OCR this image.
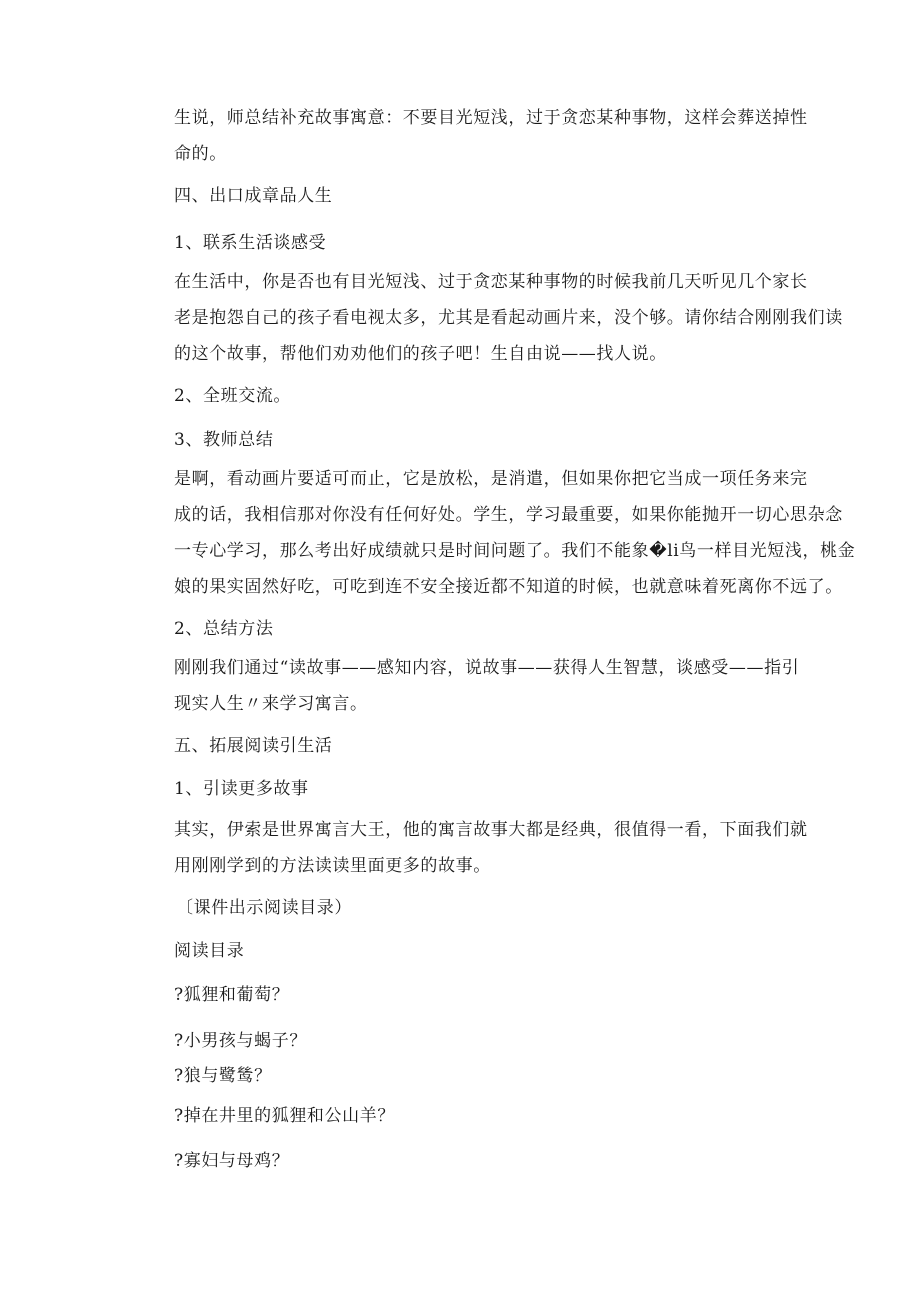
生说，师总结补充故事寓意：不要目光短浅，过于贪恋某种事物，这样会葬送掉性
命的。
四、出口成章品人生
1、联系生活谈感受
在生活中，你是否也有目光短浅、过于贪恋某种事物的时候我前几天听见几个家长
老是抱怨自己的孩子看电视太多，尤其是看起动画片来，没个够。请你结合刚刚我们读
的这个故事，帮他们劝劝他们的孩子吧！生自由说——找人说。
2、全班交流。
3、教师总结
是啊，看动画片要适可而止，它是放松，是消遣，但如果你把它当成一项任务来完
成的话，我相信那对你没有任何好处。学生，学习最重要，如果你能抛开一切心思杂念
一专心学习，那么考出好成绩就只是时间问题了。我们不能象�li鸟一样目光短浅，桃金
娘的果实固然好吃，可吃到连不安全接近都不知道的时候，也就意味着死离你不远了。
2、总结方法
刚刚我们通过“读故事——感知内容，说故事——获得人生智慧，谈感受——指引
现实人生〃来学习寓言。
五、拓展阅读引生活
1、引读更多故事
其实，伊索是世界寓言大王，他的寓言故事大都是经典，很值得一看，下面我们就
用刚刚学到的方法读读里面更多的故事。
〔课件出示阅读目录）
阅读目录
?狐狸和葡萄？
?小男孩与蝎子？
?狼与鹭鸶？
?掉在井里的狐狸和公山羊？
?寡妇与母鸡？
